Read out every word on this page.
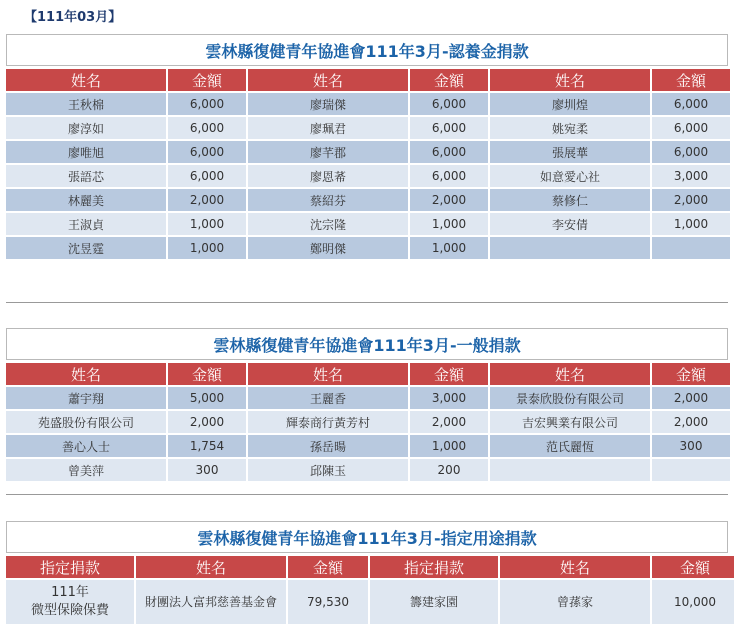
【111年03月】
雲林縣復健青年協進會111年3月-認養金捐款
姓名	金額	姓名	金額	姓名	金額
王秋棉	6,000	廖瑞傑	6,000	廖圳煌	6,000
廖淳如	6,000	廖珮君	6,000	姚宛柔	6,000
廖唯旭	6,000	廖芊郡	6,000	張展華	6,000
張語芯	6,000	廖恩莃	6,000	如意愛心社	3,000
林麗美	2,000	蔡紹芬	2,000	蔡修仁	2,000
王淑貞	1,000	沈宗隆	1,000	李安倩	1,000
沈昱霆	1,000	鄭明傑	1,000		
雲林縣復健青年協進會111年3月-一般捐款
姓名	金額	姓名	金額	姓名	金額
蕭宇翔	5,000	王麗香	3,000	景泰欣股份有限公司	2,000
苑盛股份有限公司	2,000	輝泰商行黃芳村	2,000	吉宏興業有限公司	2,000
善心人士	1,754	孫岳暘	1,000	范氏麗恆	300
曾美萍	300	邱陳玉	200		
雲林縣復健青年協進會111年3月-指定用途捐款
指定捐款	姓名	金額	指定捐款	姓名	金額
111年
微型保險保費	財團法人富邦慈善基金會	79,530	籌建家園	曾蓀家	10,000
